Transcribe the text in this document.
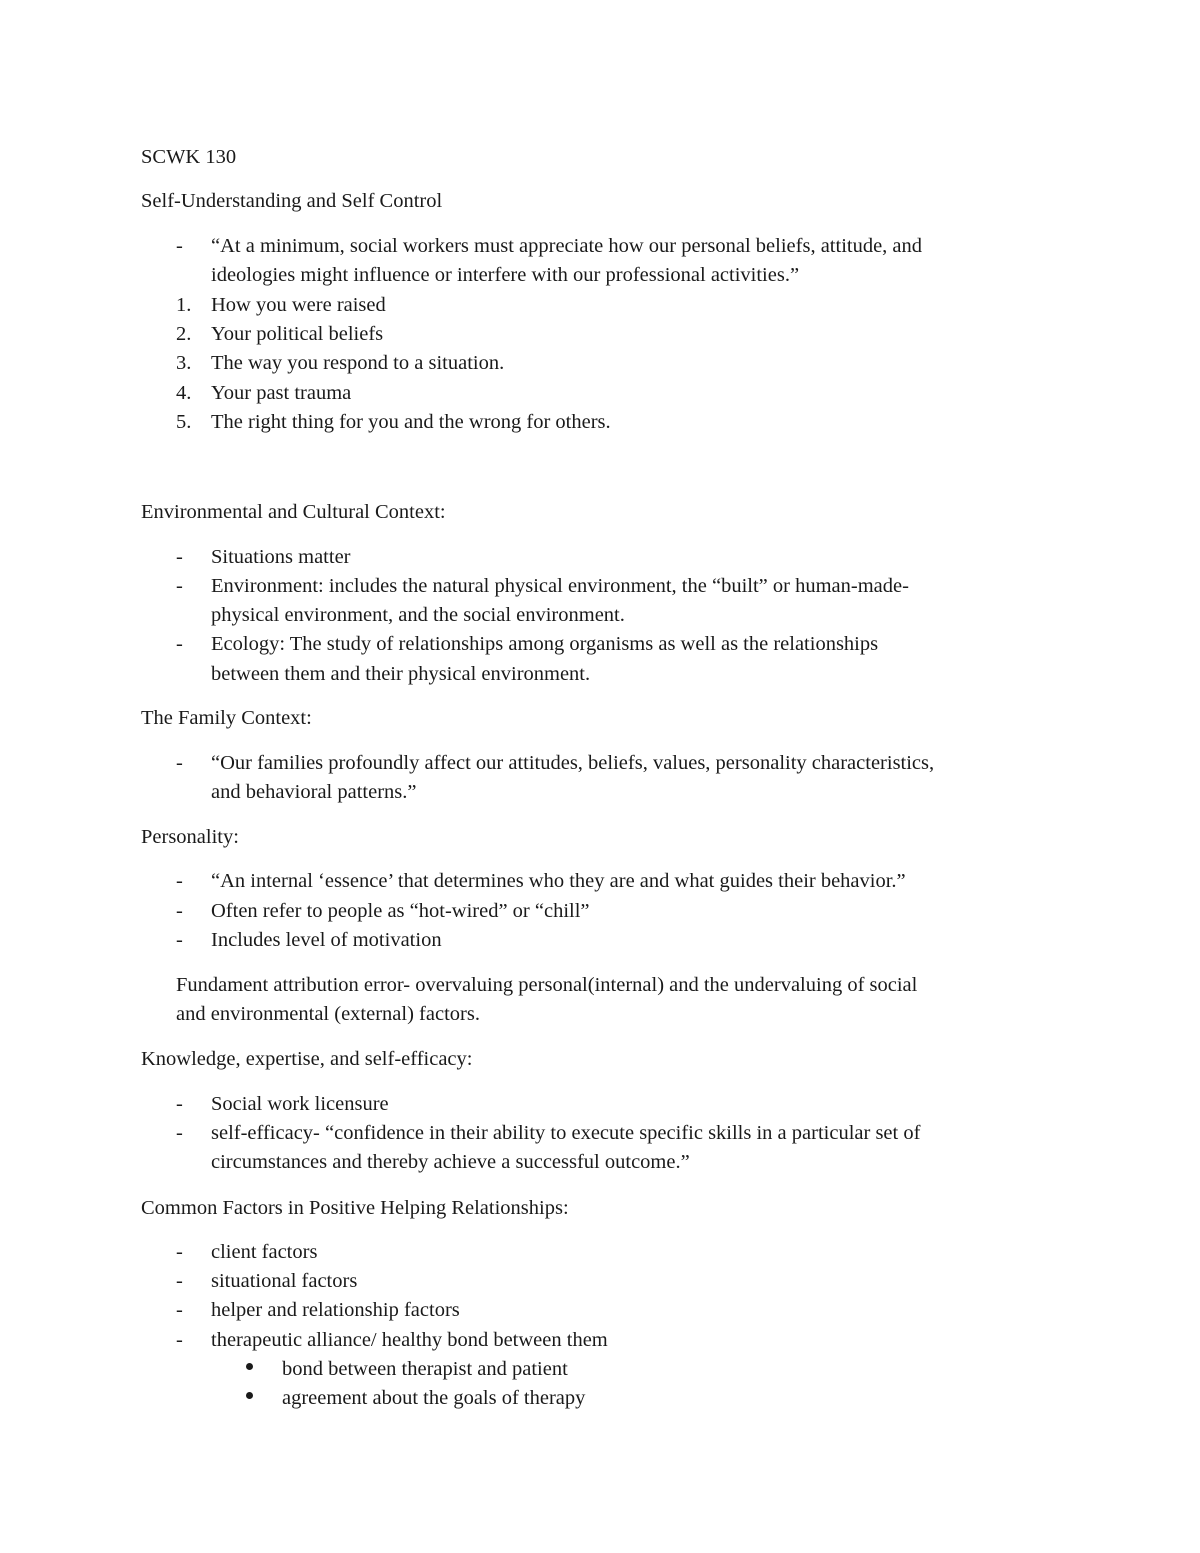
SCWK 130
Self-Understanding and Self Control
- “At a minimum, social workers must appreciate how our personal beliefs, attitude, and
ideologies might influence or interfere with our professional activities.”
1. How you were raised
2. Your political beliefs
3. The way you respond to a situation.
4. Your past trauma
5. The right thing for you and the wrong for others.
Environmental and Cultural Context:
- Situations matter
- Environment: includes the natural physical environment, the “built” or human-made-
physical environment, and the social environment.
- Ecology: The study of relationships among organisms as well as the relationships
between them and their physical environment.
The Family Context:
- “Our families profoundly affect our attitudes, beliefs, values, personality characteristics,
and behavioral patterns.”
Personality:
- “An internal ‘essence’ that determines who they are and what guides their behavior.”
- Often refer to people as “hot-wired” or “chill”
- Includes level of motivation
Fundament attribution error- overvaluing personal(internal) and the undervaluing of social
and environmental (external) factors.
Knowledge, expertise, and self-efficacy:
- Social work licensure
- self-efficacy- “confidence in their ability to execute specific skills in a particular set of
circumstances and thereby achieve a successful outcome.”
Common Factors in Positive Helping Relationships:
- client factors
- situational factors
- helper and relationship factors
- therapeutic alliance/ healthy bond between them
bond between therapist and patient
agreement about the goals of therapy
